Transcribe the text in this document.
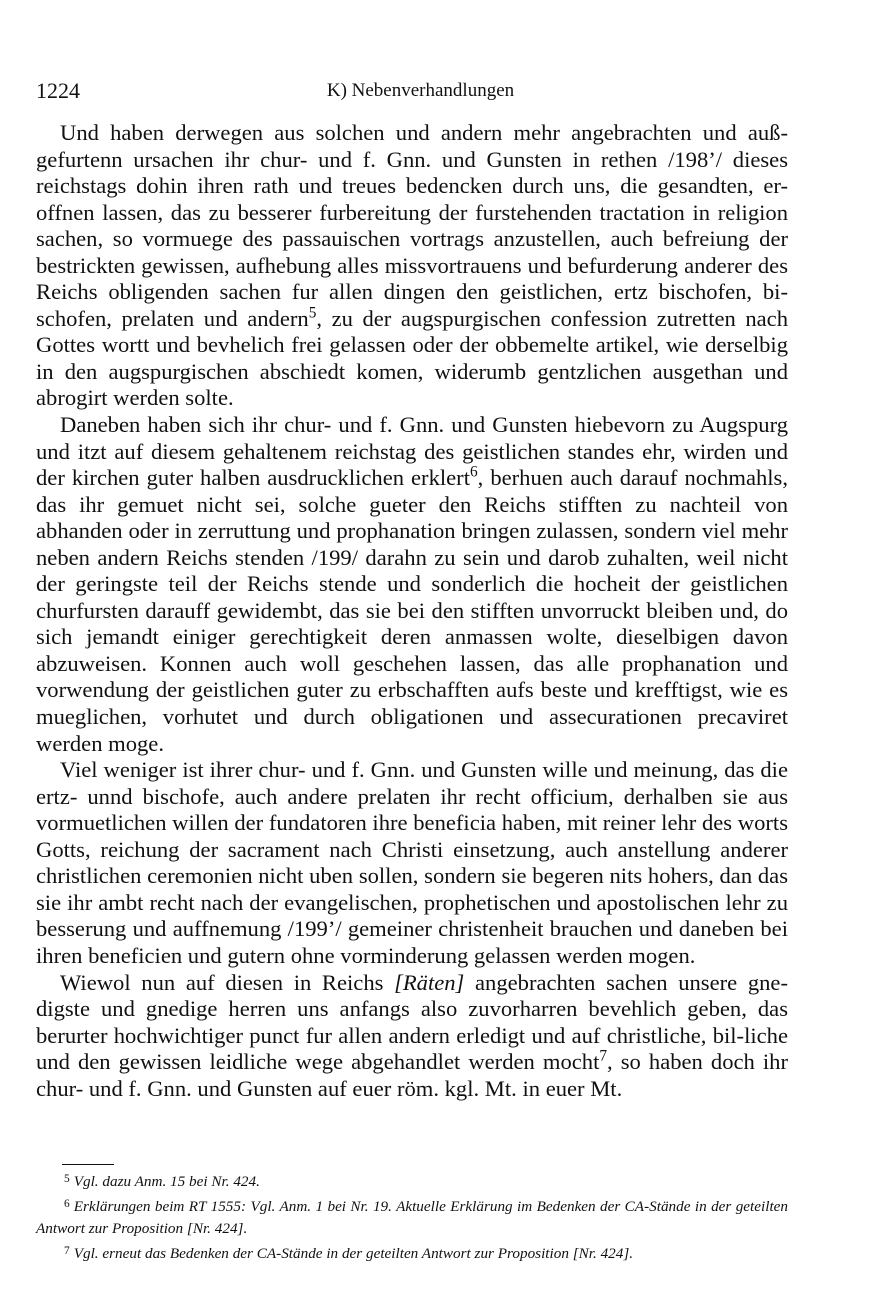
1224	K) Nebenverhandlungen

Und haben derwegen aus solchen und andern mehr angebrachten und auß-gefurtenn ursachen ihr chur- und f. Gnn. und Gunsten in rethen /198’/ dieses reichstags dohin ihren rath und treues bedencken durch uns, die gesandten, er-offnen lassen, das zu besserer furbereitung der furstehenden tractation in religion sachen, so vormuege des passauischen vortrags anzustellen, auch befreiung der bestrickten gewissen, aufhebung alles missvortrauens und befurderung anderer des Reichs obligenden sachen fur allen dingen den geistlichen, ertz bischofen, bi-schofen, prelaten und andern$^5$, zu der augspurgischen confession zutretten nach Gottes wortt und bevhelich frei gelassen oder der obbemelte artikel, wie derselbig in den augspurgischen abschiedt komen, widerumb gentzlichen ausgethan und abrogirt werden solte.

Daneben haben sich ihr chur- und f. Gnn. und Gunsten hiebevorn zu Augspurg und itzt auf diesem gehaltenem reichstag des geistlichen standes ehr, wirden und der kirchen guter halben ausdrucklichen erklert$^6$, berhuen auch darauf nochmahls, das ihr gemuet nicht sei, solche gueter den Reichs stifften zu nachteil von abhanden oder in zerruttung und prophanation bringen zulassen, sondern viel mehr neben andern Reichs stenden /199/ darahn zu sein und darob zuhalten, weil nicht der geringste teil der Reichs stende und sonderlich die hocheit der geistlichen churfursten darauff gewidembt, das sie bei den stifften unvorruckt bleiben und, do sich jemandt einiger gerechtigkeit deren anmassen wolte, dieselbigen davon abzuweisen. Konnen auch woll geschehen lassen, das alle prophanation und vorwendung der geistlichen guter zu erbschafften aufs beste und krefftigst, wie es mueglichen, vorhutet und durch obligationen und assecurationen precaviret werden moge.

Viel weniger ist ihrer chur- und f. Gnn. und Gunsten wille und meinung, das die ertz- unnd bischofe, auch andere prelaten ihr recht officium, derhalben sie aus vormuetlichen willen der fundatoren ihre beneficia haben, mit reiner lehr des worts Gotts, reichung der sacrament nach Christi einsetzung, auch anstellung anderer christlichen ceremonien nicht uben sollen, sondern sie begeren nits hohers, dan das sie ihr ambt recht nach der evangelischen, prophetischen und apostolischen lehr zu besserung und auffnemung /199’/ gemeiner christenheit brauchen und daneben bei ihren beneficien und gutern ohne vorminderung gelassen werden mogen.

Wiewol nun auf diesen in Reichs [Räten] angebrachten sachen unsere gne-digste und gnedige herren uns anfangs also zuvorharren bevehlich geben, das berurter hochwichtiger punct fur allen andern erledigt und auf christliche, bil-liche und den gewissen leidliche wege abgehandlet werden mocht$^7$, so haben doch ihr chur- und f. Gnn. und Gunsten auf euer röm. kgl. Mt. in euer Mt.

$^5$ Vgl. dazu Anm. 15 bei Nr. 424.

$^6$ Erklärungen beim RT 1555: Vgl. Anm. 1 bei Nr. 19. Aktuelle Erklärung im Bedenken der CA-Stände in der geteilten Antwort zur Proposition [Nr. 424].

$^7$ Vgl. erneut das Bedenken der CA-Stände in der geteilten Antwort zur Proposition [Nr. 424].
